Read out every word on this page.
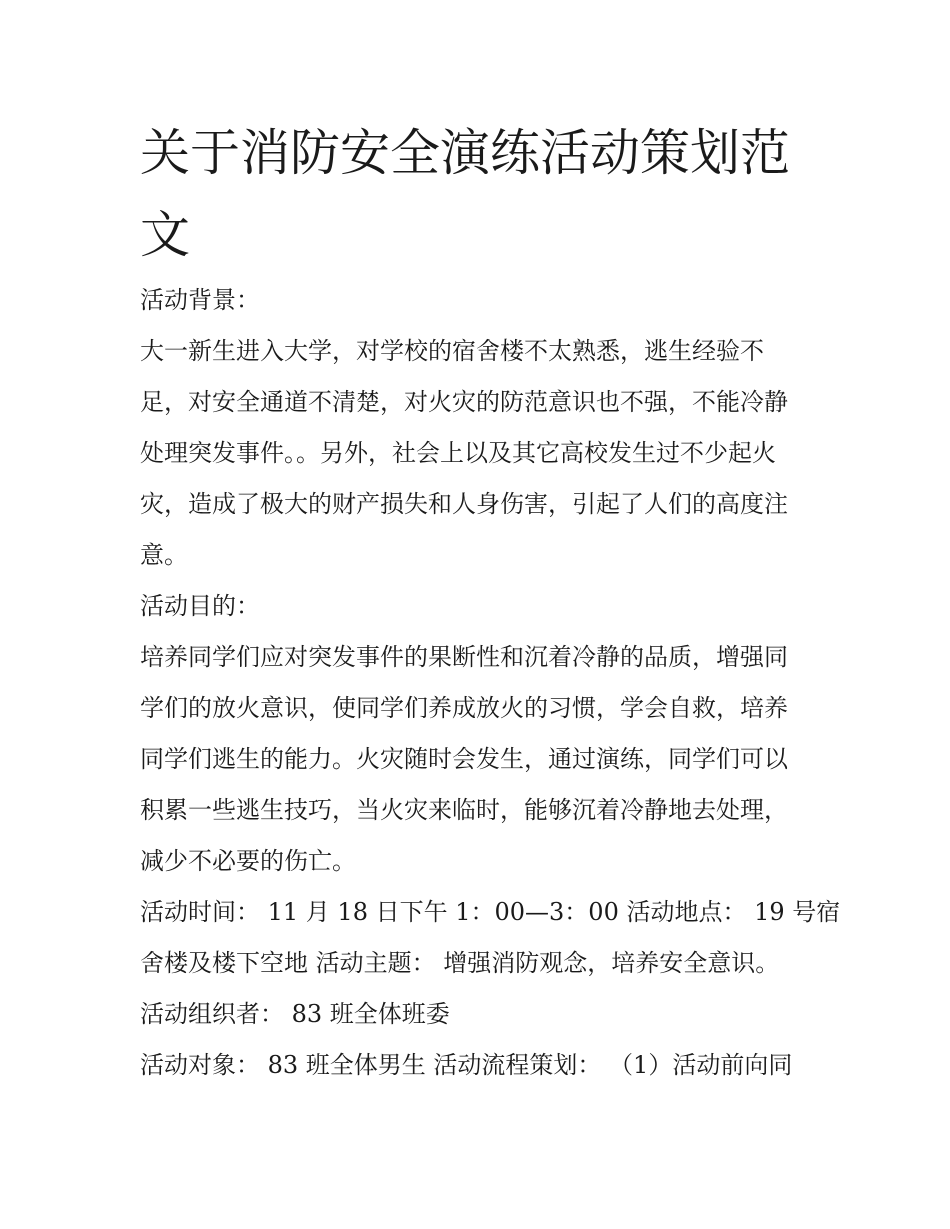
关于消防安全演练活动策划范文

活动背景：

大一新生进入大学，对学校的宿舍楼不太熟悉，逃生经验不

足，对安全通道不清楚，对火灾的防范意识也不强，不能冷静

处理突发事件。。另外，社会上以及其它高校发生过不少起火

灾，造成了极大的财产损失和人身伤害，引起了人们的高度注

意。

活动目的：

培养同学们应对突发事件的果断性和沉着冷静的品质，增强同

学们的放火意识，使同学们养成放火的习惯，学会自救，培养

同学们逃生的能力。火灾随时会发生，通过演练，同学们可以

积累一些逃生技巧，当火灾来临时，能够沉着冷静地去处理，

减少不必要的伤亡。

活动时间： 11 月 18 日下午 1：00—3：00 活动地点： 19 号宿

舍楼及楼下空地 活动主题： 增强消防观念，培养安全意识。

活动组织者： 83 班全体班委

活动对象： 83 班全体男生 活动流程策划： （1）活动前向同
